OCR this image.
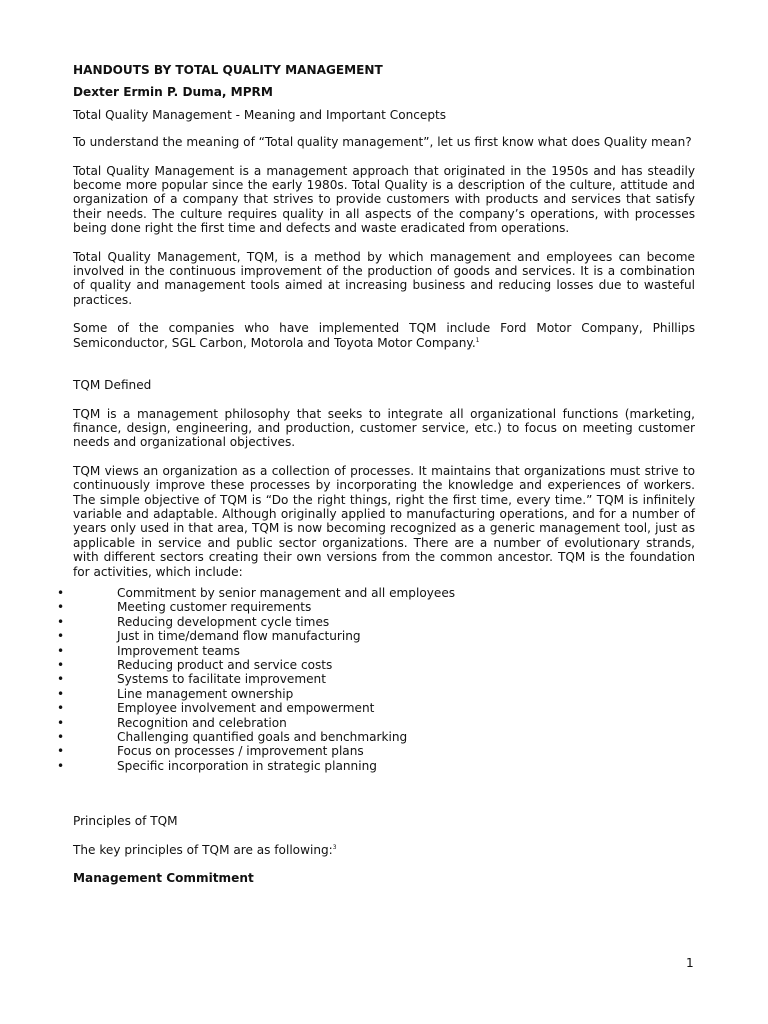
HANDOUTS BY TOTAL QUALITY MANAGEMENT

Dexter Ermin P. Duma, MPRM

Total Quality Management - Meaning and Important Concepts

To understand the meaning of “Total quality management”, let us first know what does Quality mean?

Total Quality Management is a management approach that originated in the 1950s and has steadily become more popular since the early 1980s. Total Quality is a description of the culture, attitude and organization of a company that strives to provide customers with products and services that satisfy their needs. The culture requires quality in all aspects of the company’s operations, with processes being done right the first time and defects and waste eradicated from operations.

Total Quality Management, TQM, is a method by which management and employees can become involved in the continuous improvement of the production of goods and services. It is a combination of quality and management tools aimed at increasing business and reducing losses due to wasteful practices.

Some of the companies who have implemented TQM include Ford Motor Company, Phillips Semiconductor, SGL Carbon, Motorola and Toyota Motor Company.$^1$

TQM Defined

TQM is a management philosophy that seeks to integrate all organizational functions (marketing, finance, design, engineering, and production, customer service, etc.) to focus on meeting customer needs and organizational objectives.

TQM views an organization as a collection of processes. It maintains that organizations must strive to continuously improve these processes by incorporating the knowledge and experiences of workers. The simple objective of TQM is “Do the right things, right the first time, every time.” TQM is infinitely variable and adaptable. Although originally applied to manufacturing operations, and for a number of years only used in that area, TQM is now becoming recognized as a generic management tool, just as applicable in service and public sector organizations. There are a number of evolutionary strands, with different sectors creating their own versions from the common ancestor. TQM is the foundation for activities, which include:

•	Commitment by senior management and all employees
•	Meeting customer requirements
•	Reducing development cycle times
•	Just in time/demand flow manufacturing
•	Improvement teams
•	Reducing product and service costs
•	Systems to facilitate improvement
•	Line management ownership
•	Employee involvement and empowerment
•	Recognition and celebration
•	Challenging quantified goals and benchmarking
•	Focus on processes / improvement plans
•	Specific incorporation in strategic planning

Principles of TQM

The key principles of TQM are as following:$^3$

Management Commitment

1
